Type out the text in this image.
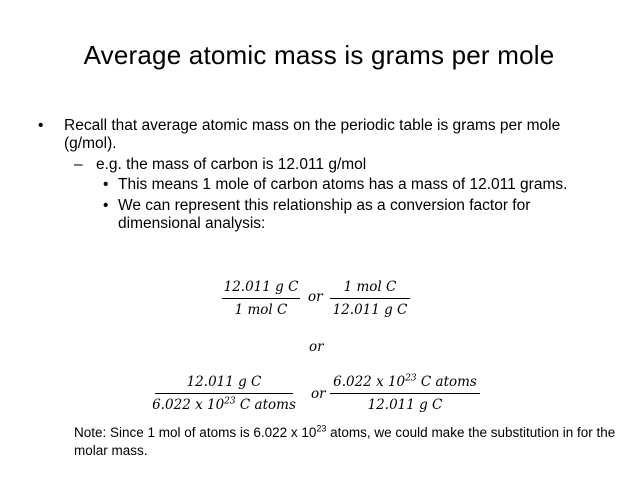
Average atomic mass is grams per mole
• Recall that average atomic mass on the periodic table is grams per mole
(g/mol).
– e.g. the mass of carbon is 12.011 g/mol
• This means 1 mole of carbon atoms has a mass of 12.011 grams.
• We can represent this relationship as a conversion factor for
dimensional analysis:
12.011 g C
1 mol C
or
1 mol C
12.011 g C
or
12.011 g C
6.022 x $10^{23}$ C atoms
or
6.022 x $10^{23}$ C atoms
12.011 g C
Note: Since 1 mol of atoms is 6.022 x $10^{23}$ atoms, we could make the substitution in for the molar mass.
